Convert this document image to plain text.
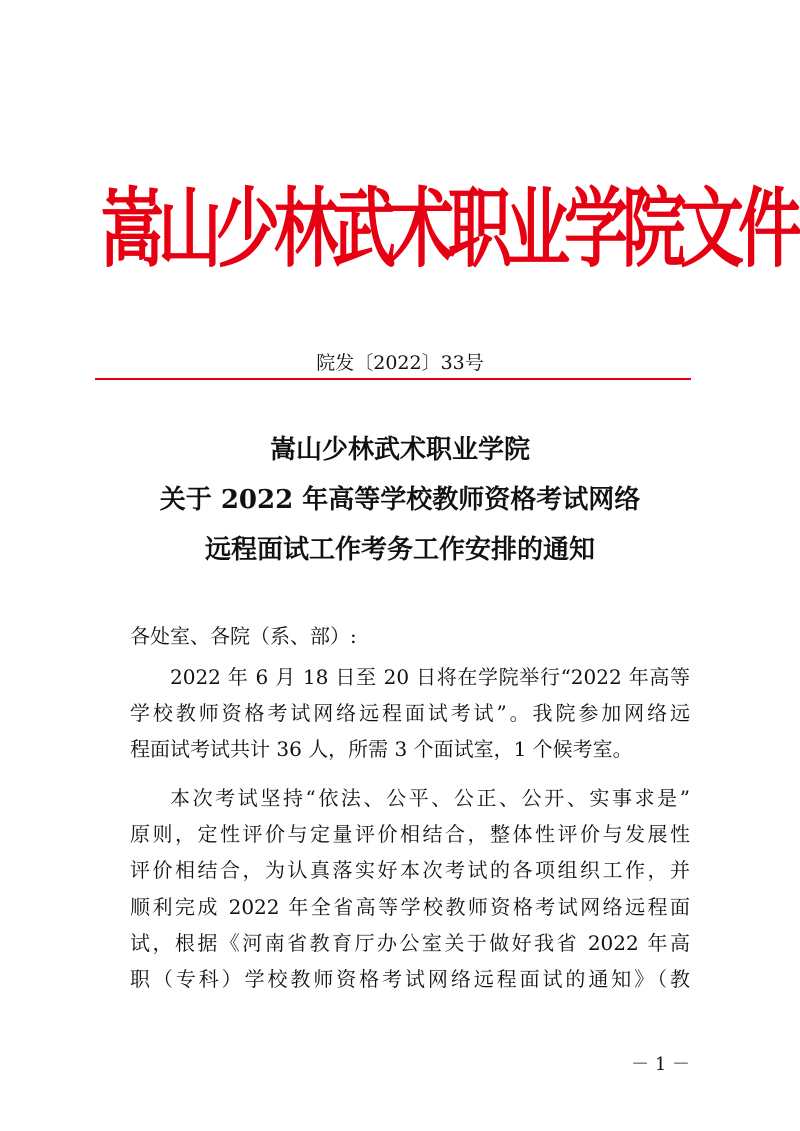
嵩山少林武术职业学院文件
院发〔2022〕33号
嵩山少林武术职业学院
关于 2022 年高等学校教师资格考试网络
远程面试工作考务工作安排的通知
各处室、各院（系、部）:
2022 年 6 月 18 日至 20 日将在学院举行“2022 年高等
学校教师资格考试网络远程面试考试”。我院参加网络远
程面试考试共计 36 人，所需 3 个面试室，1 个候考室。
本次考试坚持“依法、公平、公正、公开、实事求是”
原则，定性评价与定量评价相结合，整体性评价与发展性
评价相结合，为认真落实好本次考试的各项组织工作，并
顺利完成 2022 年全省高等学校教师资格考试网络远程面
试，根据《河南省教育厅办公室关于做好我省 2022 年高
职（专科）学校教师资格考试网络远程面试的通知》（教
－ 1 －
